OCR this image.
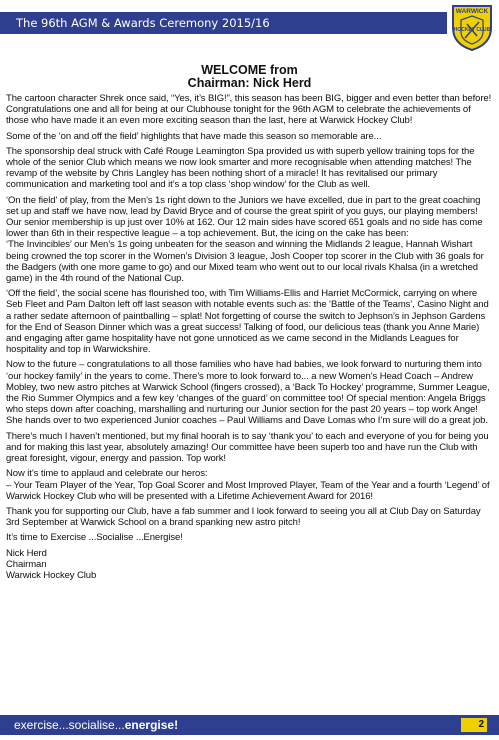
The 96th AGM & Awards Ceremony 2015/16
WARWICK
HOCKEY CLUB
WELCOME from
Chairman: Nick Herd

The cartoon character Shrek once said, “Yes, it’s BIG!”, this season has been BIG, bigger and even better than before! Congratulations one and all for being at our Clubhouse tonight for the 96th AGM to celebrate the achievements of those who have made it an even more exciting season than the last, here at Warwick Hockey Club!

Some of the ‘on and off the field’ highlights that have made this season so memorable are...

The sponsorship deal struck with Café Rouge Leamington Spa provided us with superb yellow training tops for the whole of the senior Club which means we now look smarter and more recognisable when attending matches! The revamp of the website by Chris Langley has been nothing short of a miracle! It has revitalised our primary communication and marketing tool and it’s a top class ‘shop window’ for the Club as well.

‘On the field’ of play, from the Men’s 1s right down to the Juniors we have excelled, due in part to the great coaching set up and staff we have now, lead by David Bryce and of course the great spirit of you guys, our playing members! Our senior membership is up just over 10% at 162. Our 12 main sides have scored 651 goals and no side has come lower than 6th in their respective league – a top achievement. But, the icing on the cake has been:

‘The Invincibles’ our Men’s 1s going unbeaten for the season and winning the Midlands 2 league, Hannah Wishart being crowned the top scorer in the Women’s Division 3 league, Josh Cooper top scorer in the Club with 36 goals for the Badgers (with one more game to go) and our Mixed team who went out to our local rivals Khalsa (in a wretched game) in the 4th round of the National Cup.

‘Off the field’, the social scene has flourished too, with Tim Williams-Ellis and Harriet McCormick, carrying on where Seb Fleet and Pam Dalton left off last season with notable events such as: the ‘Battle of the Teams’, Casino Night and a rather sedate afternoon of paintballing – splat! Not forgetting of course the switch to Jephson’s in Jephson Gardens for the End of Season Dinner which was a great success! Talking of food, our delicious teas (thank you Anne Marie) and engaging after game hospitality have not gone unnoticed as we came second in the Midlands Leagues for hospitality and top in Warwickshire.

Now to the future – congratulations to all those families who have had babies, we look forward to nurturing them into ‘our hockey family’ in the years to come. There’s more to look forward to... a new Women’s Head Coach – Andrew Mobley, two new astro pitches at Warwick School (fingers crossed), a ‘Back To Hockey’ programme, Summer League, the Rio Summer Olympics and a few key ‘changes of the guard’ on committee too! Of special mention: Angela Briggs who steps down after coaching, marshalling and nurturing our Junior section for the past 20 years – top work Ange! She hands over to two experienced Junior coaches – Paul Williams and Dave Lomas who I’m sure will do a great job.

There’s much I haven’t mentioned, but my final hoorah is to say ‘thank you’ to each and everyone of you for being you and for making this last year, absolutely amazing! Our committee have been superb too and have run the Club with great foresight, vigour, energy and passion. Top work!

Now it’s time to applaud and celebrate our heros:

– Your Team Player of the Year, Top Goal Scorer and Most Improved Player, Team of the Year and a fourth ‘Legend’ of Warwick Hockey Club who will be presented with a Lifetime Achievement Award for 2016!

Thank you for supporting our Club, have a fab summer and I look forward to seeing you all at Club Day on Saturday 3rd September at Warwick School on a brand spanking new astro pitch!

It’s time to Exercise ...Socialise ...Energise!

Nick Herd
Chairman
Warwick Hockey Club
exercise...socialise...energise!	2
